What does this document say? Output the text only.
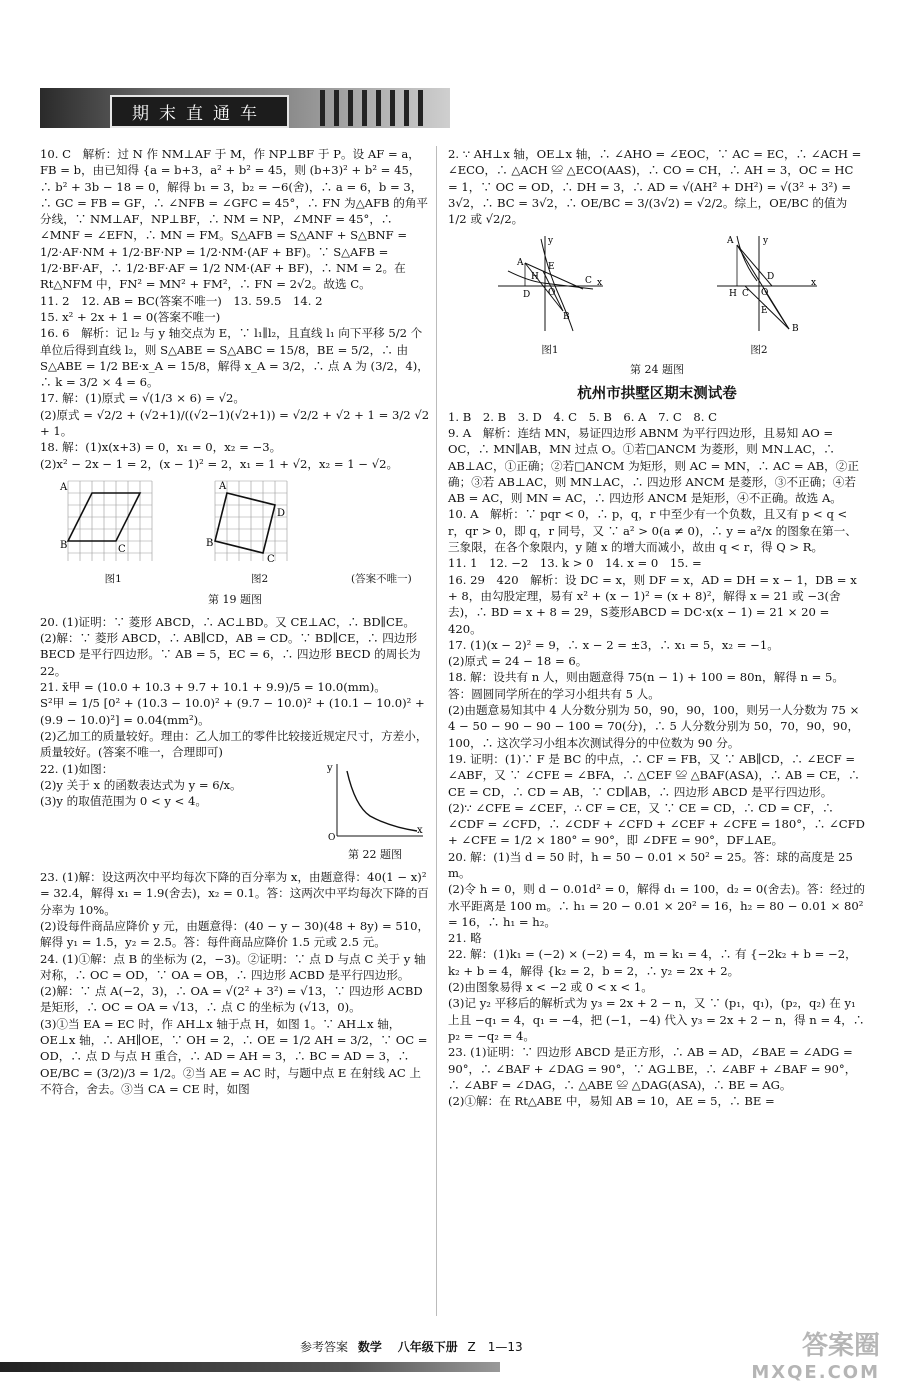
期末直通车

10. C　解析：过 N 作 NM⊥AF 于 M，作 NP⊥BF 于 P。设 AF = a，FB = b，由已知得 {a = b+3，a² + b² = 45，则 (b+3)² + b² = 45，∴ b² + 3b − 18 = 0，解得 b₁ = 3，b₂ = −6(舍)，∴ a = 6，b = 3，∴ GC = FB = GF，∴ ∠NFB = ∠GFC = 45°，∴ FN 为△AFB 的角平分线，∵ NM⊥AF，NP⊥BF，∴ NM = NP，∠MNF = 45°，∴ ∠MNF = ∠EFN，∴ MN = FM。S△AFB = S△ANF + S△BNF = 1/2·AF·NM + 1/2·BF·NP = 1/2·NM·(AF + BF)。∵ S△AFB = 1/2·BF·AF，∴ 1/2·BF·AF = 1/2 NM·(AF + BF)，∴ NM = 2。在 Rt△NFM 中，FN² = MN² + FM²，∴ FN = 2√2。故选 C。

11. 2　12. AB = BC(答案不唯一)　13. 59.5　14. 2

15. x² + 2x + 1 = 0(答案不唯一)

16. 6　解析：记 l₂ 与 y 轴交点为 E，∵ l₁∥l₂，且直线 l₁ 向下平移 5/2 个单位后得到直线 l₂，则 S△ABE = S△ABC = 15/8，BE = 5/2，∴ 由 S△ABE = 1/2 BE·x_A = 15/8，解得 x_A = 3/2，∴ 点 A 为 (3/2，4)，∴ k = 3/2 × 4 = 6。

17. 解：(1)原式 = √(1/3 × 6) = √2。

(2)原式 = √2/2 + (√2+1)/((√2−1)(√2+1)) = √2/2 + √2 + 1 = 3/2 √2 + 1。

18. 解：(1)x(x+3) = 0，x₁ = 0，x₂ = −3。

(2)x² − 2x − 1 = 2，(x − 1)² = 2，x₁ = 1 + √2，x₂ = 1 − √2。

A
B	C
图1
A
B
D
C
图2	(答案不唯一)
第 19 题图

20. (1)证明：∵ 菱形 ABCD，∴ AC⊥BD。又 CE⊥AC，∴ BD∥CE。

(2)解：∵ 菱形 ABCD，∴ AB∥CD，AB = CD。∵ BD∥CE，∴ 四边形 BECD 是平行四边形。∵ AB = 5，EC = 6，∴ 四边形 BECD 的周长为 22。

21. x̄甲 = (10.0 + 10.3 + 9.7 + 10.1 + 9.9)/5 = 10.0(mm)。

S²甲 = 1/5 [0² + (10.3 − 10.0)² + (9.7 − 10.0)² + (10.1 − 10.0)² + (9.9 − 10.0)²] = 0.04(mm²)。

(2)乙加工的质量较好。理由：乙人加工的零件比较接近规定尺寸，方差小，质量较好。(答案不唯一，合理即可)

22. (1)如图：

(2)y 关于 x 的函数表达式为 y = 6/x。

(3)y 的取值范围为 0 < y < 4。

y
x
O
第 22 题图

23. (1)解：设这两次中平均每次下降的百分率为 x，由题意得：40(1 − x)² = 32.4，解得 x₁ = 1.9(舍去)，x₂ = 0.1。答：这两次中平均每次下降的百分率为 10%。

(2)设每件商品应降价 y 元，由题意得：(40 − y − 30)(48 + 8y) = 510，解得 y₁ = 1.5，y₂ = 2.5。答：每件商品应降价 1.5 元或 2.5 元。

24. (1)①解：点 B 的坐标为 (2，−3)。②证明：∵ 点 D 与点 C 关于 y 轴对称，∴ OC = OD，∵ OA = OB，∴ 四边形 ACBD 是平行四边形。

(2)解：∵ 点 A(−2，3)，∴ OA = √(2² + 3²) = √13，∵ 四边形 ACBD 是矩形，∴ OC = OA = √13，∴ 点 C 的坐标为 (√13，0)。

(3)①当 EA = EC 时，作 AH⊥x 轴于点 H，如图 1。∵ AH⊥x 轴，OE⊥x 轴，∴ AH∥OE，∵ OH = 2，∴ OE = 1/2 AH = 3/2，∵ OC = OD，∴ 点 D 与点 H 重合，∴ AD = AH = 3，∴ BC = AD = 3，∴ OE/BC = (3/2)/3 = 1/2。②当 AE = AC 时，与题中点 E 在射线 AC 上不符合，舍去。③当 CA = CE 时，如图

2. ∵ AH⊥x 轴，OE⊥x 轴，∴ ∠AHO = ∠EOC，∵ AC = EC，∴ ∠ACH = ∠ECO，∴ △ACH ≌ △ECO(AAS)，∴ CO = CH，∴ AH = 3，OC = HC = 1，∵ OC = OD，∴ DH = 3，∴ AD = √(AH² + DH²) = √(3² + 3²) = 3√2，∴ BC = 3√2，∴ OE/BC = 3/(3√2) = √2/2。综上，OE/BC 的值为 1/2 或 √2/2。

A	E
C
B
D
H
O
x
y
图1
A
H C O
D
E
B
x
y
图2
第 24 题图
杭州市拱墅区期末测试卷

1. B　2. B　3. D　4. C　5. B　6. A　7. C　8. C

9. A　解析：连结 MN，易证四边形 ABNM 为平行四边形，且易知 AO = OC，∴ MN∥AB，MN 过点 O。①若□ANCM 为菱形，则 MN⊥AC，∴ AB⊥AC，①正确；②若□ANCM 为矩形，则 AC = MN，∴ AC = AB，②正确；③若 AB⊥AC，则 MN⊥AC，∴ 四边形 ANCM 是菱形，③不正确；④若 AB = AC，则 MN = AC，∴ 四边形 ANCM 是矩形，④不正确。故选 A。

10. A　解析：∵ pqr < 0，∴ p，q，r 中至少有一个负数，且又有 p < q < r，qr > 0，即 q，r 同号，又 ∵ a² > 0(a ≠ 0)，∴ y = a²/x 的图象在第一、三象限，在各个象限内，y 随 x 的增大而减小，故由 q < r，得 Q > R。

11. 1　12. −2　13. k > 0　14. x = 0　15. =

16. 29　420　解析：设 DC = x，则 DF = x，AD = DH = x − 1，DB = x + 8，由勾股定理，易有 x² + (x − 1)² = (x + 8)²，解得 x = 21 或 −3(舍去)，∴ BD = x + 8 = 29，S菱形ABCD = DC·x(x − 1) = 21 × 20 = 420。

17. (1)(x − 2)² = 9，∴ x − 2 = ±3，∴ x₁ = 5，x₂ = −1。

(2)原式 = 24 − 18 = 6。

18. 解：设共有 n 人，则由题意得 75(n − 1) + 100 = 80n，解得 n = 5。答：圆圆同学所在的学习小组共有 5 人。

(2)由题意易知其中 4 人分数分别为 50，90，90，100，则另一人分数为 75 × 4 − 50 − 90 − 90 − 100 = 70(分)，∴ 5 人分数分别为 50，70，90，90，100，∴ 这次学习小组本次测试得分的中位数为 90 分。

19. 证明：(1)∵ F 是 BC 的中点，∴ CF = FB，又 ∵ AB∥CD，∴ ∠ECF = ∠ABF，又 ∵ ∠CFE = ∠BFA，∴ △CEF ≌ △BAF(ASA)，∴ AB = CE，∴ CE = CD，∴ CD = AB，∵ CD∥AB，∴ 四边形 ABCD 是平行四边形。

(2)∵ ∠CFE = ∠CEF，∴ CF = CE，又 ∵ CE = CD，∴ CD = CF，∴ ∠CDF = ∠CFD，∴ ∠CDF + ∠CFD + ∠CEF + ∠CFE = 180°，∴ ∠CFD + ∠CFE = 1/2 × 180° = 90°，即 ∠DFE = 90°，DF⊥AE。

20. 解：(1)当 d = 50 时，h = 50 − 0.01 × 50² = 25。答：球的高度是 25 m。

(2)令 h = 0，则 d − 0.01d² = 0，解得 d₁ = 100，d₂ = 0(舍去)。答：经过的水平距离是 100 m。∴ h₁ = 20 − 0.01 × 20² = 16，h₂ = 80 − 0.01 × 80² = 16，∴ h₁ = h₂。

21. 略

22. 解：(1)k₁ = (−2) × (−2) = 4，m = k₁ = 4，∴ 有 {−2k₂ + b = −2，k₂ + b = 4，解得 {k₂ = 2，b = 2，∴ y₂ = 2x + 2。

(2)由图象易得 x < −2 或 0 < x < 1。

(3)记 y₂ 平移后的解析式为 y₃ = 2x + 2 − n，又 ∵ (p₁，q₁)，(p₂，q₂) 在 y₁ 上且 −q₁ = 4，q₁ = −4，把 (−1，−4) 代入 y₃ = 2x + 2 − n，得 n = 4，∴ p₂ = −q₂ = 4。

23. (1)证明：∵ 四边形 ABCD 是正方形，∴ AB = AD，∠BAE = ∠ADG = 90°，∴ ∠BAF + ∠DAG = 90°，∵ AG⊥BE，∴ ∠ABF + ∠BAF = 90°，∴ ∠ABF = ∠DAG，∴ △ABE ≌ △DAG(ASA)，∴ BE = AG。

(2)①解：在 Rt△ABE 中，易知 AB = 10，AE = 5，∴ BE =

参考答案 数学 八年级下册 Z　1—13	答案圈
MXQE.COM
